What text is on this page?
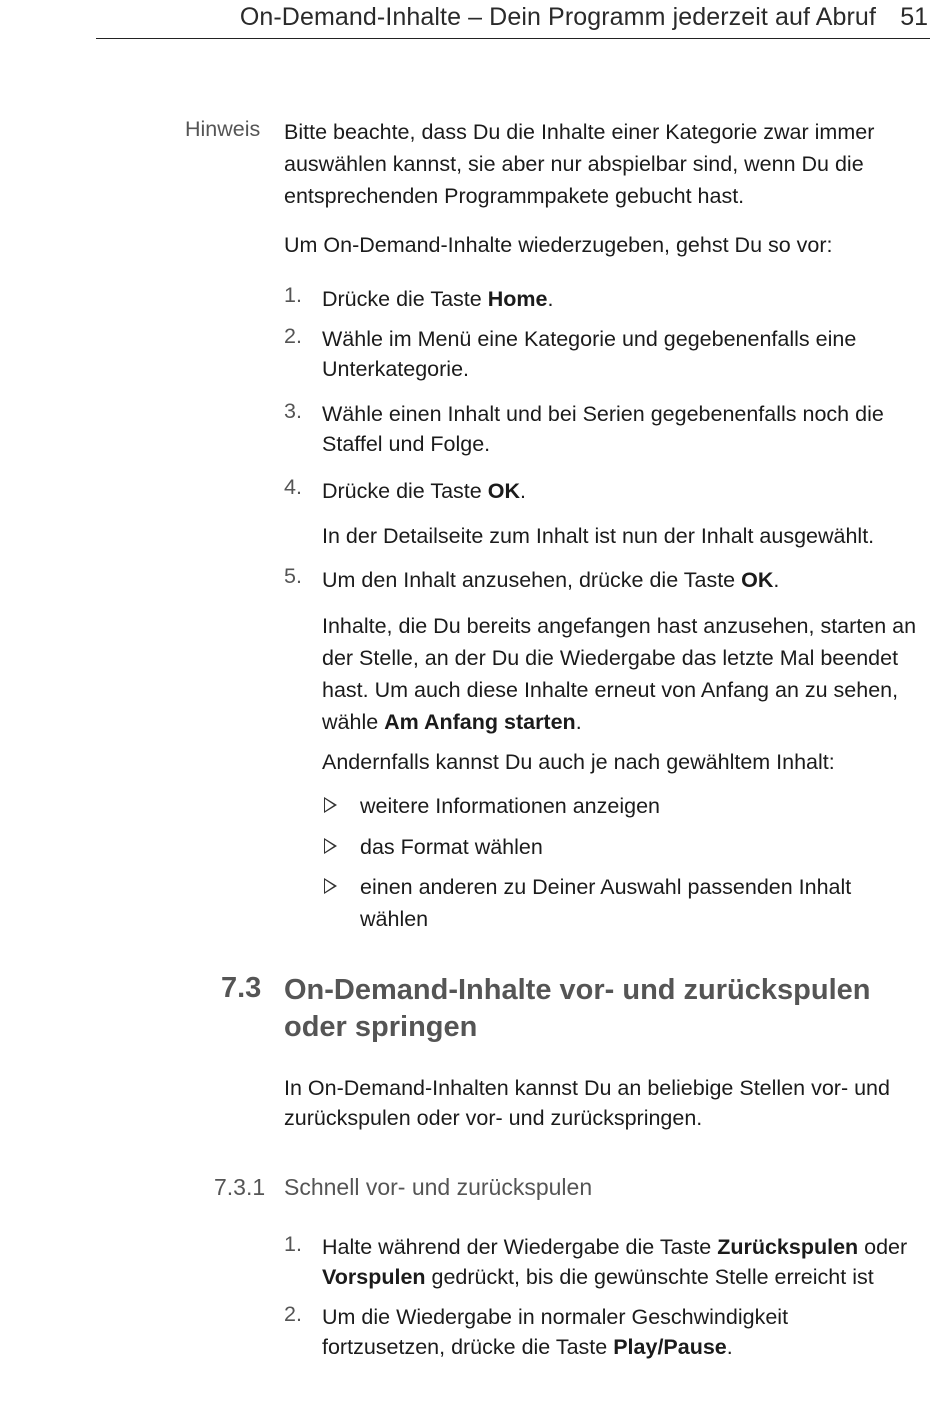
On-Demand-Inhalte – Dein Programm jederzeit auf Abruf 51
Hinweis Bitte beachte, dass Du die Inhalte einer Kategorie zwar immer auswählen kannst, sie aber nur abspielbar sind, wenn Du die entsprechenden Programmpakete gebucht hast.
Um On-Demand-Inhalte wiederzugeben, gehst Du so vor:
1. Drücke die Taste Home.
2. Wähle im Menü eine Kategorie und gegebenenfalls eine Unterkategorie.
3. Wähle einen Inhalt und bei Serien gegebenenfalls noch die Staffel und Folge.
4. Drücke die Taste OK.
In der Detailseite zum Inhalt ist nun der Inhalt ausgewählt.
5. Um den Inhalt anzusehen, drücke die Taste OK.
Inhalte, die Du bereits angefangen hast anzusehen, starten an der Stelle, an der Du die Wiedergabe das letzte Mal beendet hast. Um auch diese Inhalte erneut von Anfang an zu sehen, wähle Am Anfang starten.
Andernfalls kannst Du auch je nach gewähltem Inhalt:
weitere Informationen anzeigen
das Format wählen
einen anderen zu Deiner Auswahl passenden Inhalt wählen
7.3 On-Demand-Inhalte vor- und zurückspulen oder springen
In On-Demand-Inhalten kannst Du an beliebige Stellen vor- und zurückspulen oder vor- und zurückspringen.
7.3.1 Schnell vor- und zurückspulen
1. Halte während der Wiedergabe die Taste Zurückspulen oder Vorspulen gedrückt, bis die gewünschte Stelle erreicht ist
2. Um die Wiedergabe in normaler Geschwindigkeit fortzusetzen, drücke die Taste Play/Pause.
